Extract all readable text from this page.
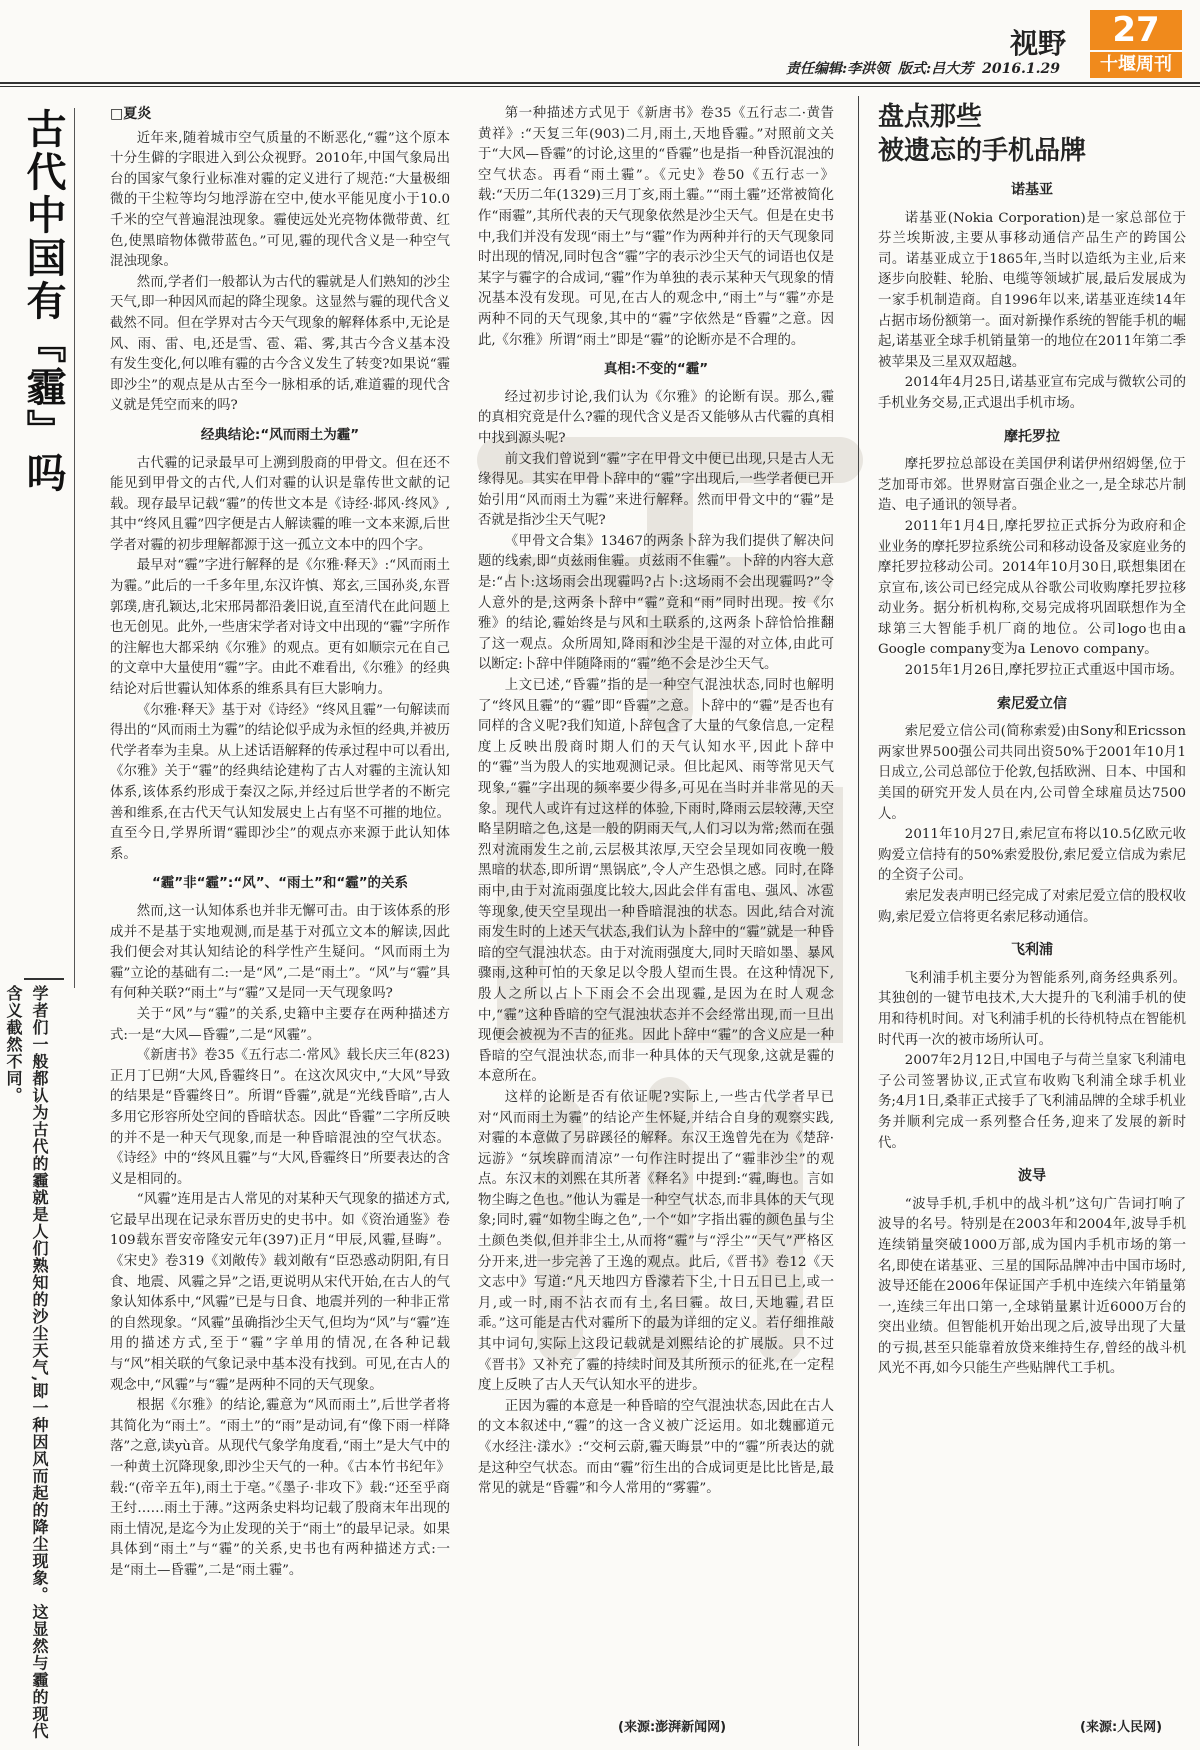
视野	27
十堰周刊
责任编辑:李洪领 版式:吕大芳 2016.1.29
古代中国有『霾』吗
学者们一般都认为古代的霾就是人们熟知的沙尘天气,即一种因风而起的降尘现象。这显然与霾的现代含义截然不同。

□夏炎

近年来,随着城市空气质量的不断恶化,“霾”这个原本十分生僻的字眼进入到公众视野。2010年,中国气象局出台的国家气象行业标准对霾的定义进行了规范:“大量极细微的干尘粒等均匀地浮游在空中,使水平能见度小于10.0千米的空气普遍混浊现象。霾使远处光亮物体微带黄、红色,使黑暗物体微带蓝色。”可见,霾的现代含义是一种空气混浊现象。

然而,学者们一般都认为古代的霾就是人们熟知的沙尘天气,即一种因风而起的降尘现象。这显然与霾的现代含义截然不同。但在学界对古今天气现象的解释体系中,无论是风、雨、雷、电,还是雪、雹、霜、雾,其古今含义基本没有发生变化,何以唯有霾的古今含义发生了转变?如果说“霾即沙尘”的观点是从古至今一脉相承的话,难道霾的现代含义就是凭空而来的吗?

经典结论:“风而雨土为霾”

古代霾的记录最早可上溯到殷商的甲骨文。但在还不能见到甲骨文的古代,人们对霾的认识是靠传世文献的记载。现存最早记载“霾”的传世文本是《诗经·邶风·终风》,其中“终风且霾”四字便是古人解读霾的唯一文本来源,后世学者对霾的初步理解都源于这一孤立文本中的四个字。

最早对“霾”字进行解释的是《尔雅·释天》:“风而雨土为霾。”此后的一千多年里,东汉许慎、郑玄,三国孙炎,东晋郭璞,唐孔颖达,北宋邢昺都沿袭旧说,直至清代在此问题上也无创见。此外,一些唐宋学者对诗文中出现的“霾”字所作的注解也大都采纳《尔雅》的观点。更有如顺宗元在自己的文章中大量使用“霾”字。由此不难看出,《尔雅》的经典结论对后世霾认知体系的维系具有巨大影响力。

《尔雅·释天》基于对《诗经》“终风且霾”一句解读而得出的“风而雨土为霾”的结论似乎成为永恒的经典,并被历代学者奉为圭臬。从上述话语解释的传承过程中可以看出,《尔雅》关于“霾”的经典结论建构了古人对霾的主流认知体系,该体系约形成于秦汉之际,并经过后世学者的不断完善和维系,在古代天气认知发展史上占有坚不可摧的地位。直至今日,学界所谓“霾即沙尘”的观点亦来源于此认知体系。

“霾”非“霾”:“风”、“雨土”和“霾”的关系

然而,这一认知体系也并非无懈可击。由于该体系的形成并不是基于实地观测,而是基于对孤立文本的解读,因此我们便会对其认知结论的科学性产生疑问。“风而雨土为霾”立论的基础有二:一是“风”,二是“雨土”。“风”与“霾”具有何种关联?“雨土”与“霾”又是同一天气现象吗?

关于“风”与“霾”的关系,史籍中主要存在两种描述方式:一是“大风—昏霾”,二是“风霾”。

《新唐书》卷35《五行志二·常风》载长庆三年(823)正月丁巳朔“大风,昏霾终日”。在这次风灾中,“大风”导致的结果是“昏霾终日”。所谓“昏霾”,就是“光线昏暗”,古人多用它形容所处空间的昏暗状态。因此“昏霾”二字所反映的并不是一种天气现象,而是一种昏暗混浊的空气状态。《诗经》中的“终风且霾”与“大风,昏霾终日”所要表达的含义是相同的。

“风霾”连用是古人常见的对某种天气现象的描述方式,它最早出现在记录东晋历史的史书中。如《资治通鉴》卷109载东晋安帝隆安元年(397)正月“甲辰,风霾,昼晦”。《宋史》卷319《刘敞传》载刘敞有“臣恐惑动阴阳,有日食、地震、风霾之异”之语,更说明从宋代开始,在古人的气象认知体系中,“风霾”已是与日食、地震并列的一种非正常的自然现象。“风霾”虽确指沙尘天气,但均为“风”与“霾”连用的描述方式,至于“霾”字单用的情况,在各种记载与“风”相关联的气象记录中基本没有找到。可见,在古人的观念中,“风霾”与“霾”是两种不同的天气现象。

根据《尔雅》的结论,霾意为“风而雨土”,后世学者将其简化为“雨土”。“雨土”的“雨”是动词,有“像下雨一样降落”之意,读yù音。从现代气象学角度看,“雨土”是大气中的一种黄土沉降现象,即沙尘天气的一种。《古本竹书纪年》载:“(帝辛五年),雨土于亳。”《墨子·非攻下》载:“还至乎商王纣……雨土于薄。”这两条史料均记载了殷商末年出现的雨土情况,是迄今为止发现的关于“雨土”的最早记录。如果具体到“雨土”与“霾”的关系,史书也有两种描述方式:一是“雨土—昏霾”,二是“雨土霾”。

第一种描述方式见于《新唐书》卷35《五行志二·黄眚黄祥》:“天复三年(903)二月,雨土,天地昏霾。”对照前文关于“大风—昏霾”的讨论,这里的“昏霾”也是指一种昏沉混浊的空气状态。再看“雨土霾”。《元史》卷50《五行志一》载:“天历二年(1329)三月丁亥,雨土霾。”“雨土霾”还常被简化作“雨霾”,其所代表的天气现象依然是沙尘天气。但是在史书中,我们并没有发现“雨土”与“霾”作为两种并行的天气现象同时出现的情况,同时包含“霾”字的表示沙尘天气的词语也仅是某字与霾字的合成词,“霾”作为单独的表示某种天气现象的情况基本没有发现。可见,在古人的观念中,“雨土”与“霾”亦是两种不同的天气现象,其中的“霾”字依然是“昏霾”之意。因此,《尔雅》所谓“雨土”即是“霾”的论断亦是不合理的。

真相:不变的“霾”

经过初步讨论,我们认为《尔雅》的论断有误。那么,霾的真相究竟是什么?霾的现代含义是否又能够从古代霾的真相中找到源头呢?

前文我们曾说到“霾”字在甲骨文中便已出现,只是古人无缘得见。其实在甲骨卜辞中的“霾”字出现后,一些学者便已开始引用“风而雨土为霾”来进行解释。然而甲骨文中的“霾”是否就是指沙尘天气呢?

《甲骨文合集》13467的两条卜辞为我们提供了解决问题的线索,即“贞兹雨隹霾。贞兹雨不隹霾”。卜辞的内容大意是:“占卜:这场雨会出现霾吗?占卜:这场雨不会出现霾吗?”令人意外的是,这两条卜辞中“霾”竟和“雨”同时出现。按《尔雅》的结论,霾始终是与风和土联系的,这两条卜辞恰恰推翻了这一观点。众所周知,降雨和沙尘是干湿的对立体,由此可以断定:卜辞中伴随降雨的“霾”绝不会是沙尘天气。

上文已述,“昏霾”指的是一种空气混浊状态,同时也解明了“终风且霾”的“霾”即“昏霾”之意。卜辞中的“霾”是否也有同样的含义呢?我们知道,卜辞包含了大量的气象信息,一定程度上反映出殷商时期人们的天气认知水平,因此卜辞中的“霾”当为殷人的实地观测记录。但比起风、雨等常见天气现象,“霾”字出现的频率要少得多,可见在当时并非常见的天象。现代人或许有过这样的体验,下雨时,降雨云层较薄,天空略呈阴暗之色,这是一般的阴雨天气,人们习以为常;然而在强烈对流雨发生之前,云层极其浓厚,天空会呈现如同夜晚一般黑暗的状态,即所谓“黑锅底”,令人产生恐惧之感。同时,在降雨中,由于对流雨强度比较大,因此会伴有雷电、强风、冰雹等现象,使天空呈现出一种昏暗混浊的状态。因此,结合对流雨发生时的上述天气状态,我们认为卜辞中的“霾”就是一种昏暗的空气混浊状态。由于对流雨强度大,同时天暗如墨、暴风骤雨,这种可怕的天象足以令殷人望而生畏。在这种情况下,殷人之所以占卜下雨会不会出现霾,是因为在时人观念中,“霾”这种昏暗的空气混浊状态并不会经常出现,而一旦出现便会被视为不吉的征兆。因此卜辞中“霾”的含义应是一种昏暗的空气混浊状态,而非一种具体的天气现象,这就是霾的本意所在。

这样的论断是否有依证呢?实际上,一些古代学者早已对“风而雨土为霾”的结论产生怀疑,并结合自身的观察实践,对霾的本意做了另辟蹊径的解释。东汉王逸曾先在为《楚辞·远游》“氛埃辟而清凉”一句作注时提出了“霾非沙尘”的观点。东汉末的刘熙在其所著《释名》中提到:“霾,晦也。言如物尘晦之色也。”他认为霾是一种空气状态,而非具体的天气现象;同时,霾“如物尘晦之色”,一个“如”字指出霾的颜色虽与尘土颜色类似,但并非尘土,从而将“霾”与“浮尘”“天气”严格区分开来,进一步完善了王逸的观点。此后,《晋书》卷12《天文志中》写道:“凡天地四方昏濛若下尘,十日五日已上,或一月,或一时,雨不沾衣而有土,名曰霾。故曰,天地霾,君臣乖。”这可能是古代对霾所下的最为详细的定义。若仔细推敲其中词句,实际上这段记载就是刘熙结论的扩展版。只不过《晋书》又补充了霾的持续时间及其所预示的征兆,在一定程度上反映了古人天气认知水平的进步。

正因为霾的本意是一种昏暗的空气混浊状态,因此在古人的文本叙述中,“霾”的这一含义被广泛运用。如北魏郦道元《水经注·漾水》:“交柯云蔚,霾天晦景”中的“霾”所表达的就是这种空气状态。而由“霾”衍生出的合成词更是比比皆是,最常见的就是“昏霾”和今人常用的“雾霾”。

(来源:澎湃新闻网)

盘点那些
被遗忘的手机品牌

诺基亚

诺基亚(Nokia Corporation)是一家总部位于芬兰埃斯波,主要从事移动通信产品生产的跨国公司。诺基亚成立于1865年,当时以造纸为主业,后来逐步向胶鞋、轮胎、电缆等领域扩展,最后发展成为一家手机制造商。自1996年以来,诺基亚连续14年占据市场份额第一。面对新操作系统的智能手机的崛起,诺基亚全球手机销量第一的地位在2011年第二季被苹果及三星双双超越。

2014年4月25日,诺基亚宣布完成与微软公司的手机业务交易,正式退出手机市场。

摩托罗拉

摩托罗拉总部设在美国伊利诺伊州绍姆堡,位于芝加哥市郊。世界财富百强企业之一,是全球芯片制造、电子通讯的领导者。

2011年1月4日,摩托罗拉正式拆分为政府和企业业务的摩托罗拉系统公司和移动设备及家庭业务的摩托罗拉移动公司。2014年10月30日,联想集团在京宣布,该公司已经完成从谷歌公司收购摩托罗拉移动业务。据分析机构称,交易完成将巩固联想作为全球第三大智能手机厂商的地位。公司logo也由a Google company变为a Lenovo company。

2015年1月26日,摩托罗拉正式重返中国市场。

索尼爱立信

索尼爱立信公司(简称索爱)由Sony和Ericsson两家世界500强公司共同出资50%于2001年10月1日成立,公司总部位于伦敦,包括欧洲、日本、中国和美国的研究开发人员在内,公司曾全球雇员达7500人。

2011年10月27日,索尼宣布将以10.5亿欧元收购爱立信持有的50%索爱股份,索尼爱立信成为索尼的全资子公司。

索尼发表声明已经完成了对索尼爱立信的股权收购,索尼爱立信将更名索尼移动通信。

飞利浦

飞利浦手机主要分为智能系列,商务经典系列。其独创的一键节电技术,大大提升的飞利浦手机的使用和待机时间。对飞利浦手机的长待机特点在智能机时代再一次的被市场所认可。

2007年2月12日,中国电子与荷兰皇家飞利浦电子公司签署协议,正式宣布收购飞利浦全球手机业务;4月1日,桑菲正式接手了飞利浦品牌的全球手机业务并顺利完成一系列整合任务,迎来了发展的新时代。

波导

“波导手机,手机中的战斗机”这句广告词打响了波导的名号。特别是在2003年和2004年,波导手机连续销量突破1000万部,成为国内手机市场的第一名,即使在诺基亚、三星的国际品牌冲击中国市场时,波导还能在2006年保证国产手机中连续六年销量第一,连续三年出口第一,全球销量累计近6000万台的突出业绩。但智能机开始出现之后,波导出现了大量的亏损,甚至只能靠着放贷来维持生存,曾经的战斗机风光不再,如今只能生产些贴牌代工手机。

(来源:人民网)
